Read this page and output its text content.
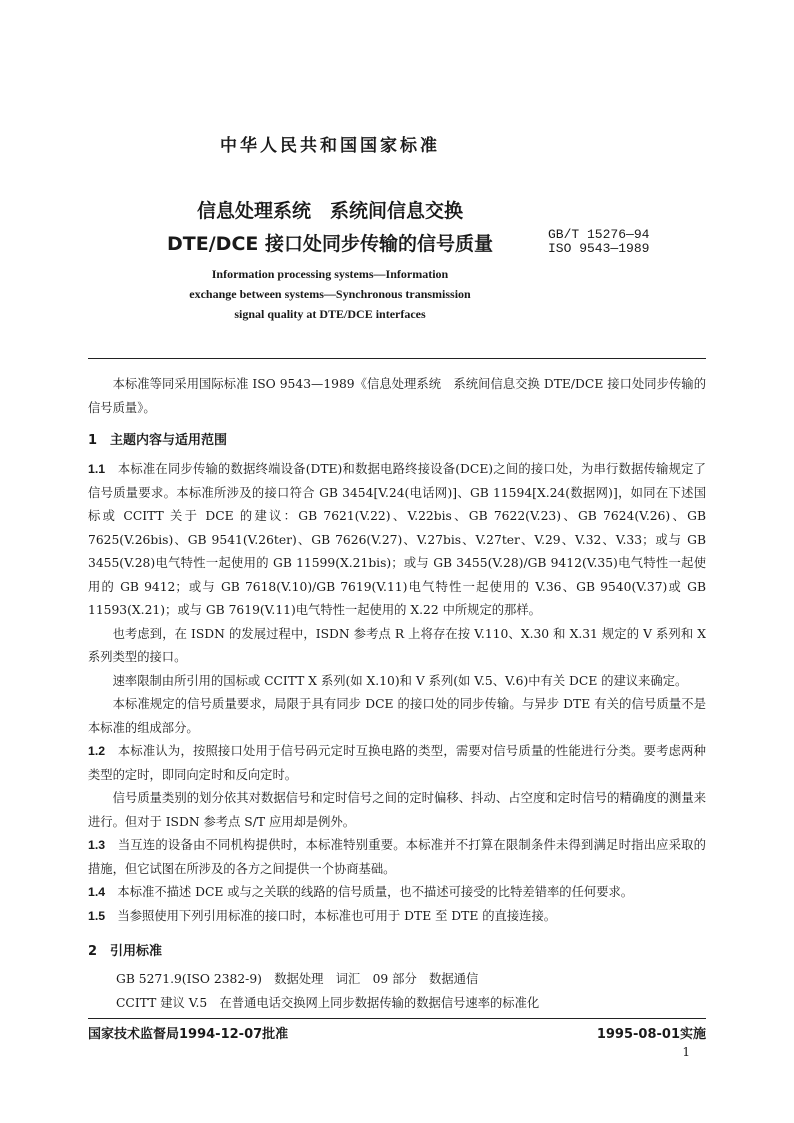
中华人民共和国国家标准
信息处理系统　系统间信息交换
DTE/DCE 接口处同步传输的信号质量	GB/T 15276—94
ISO 9543—1989
Information processing systems—Information
exchange between systems—Synchronous transmission
signal quality at DTE/DCE interfaces
本标准等同采用国际标准 ISO 9543—1989《信息处理系统　系统间信息交换 DTE/DCE 接口处同步传输的信号质量》。
1　主题内容与适用范围
1.1　 本标准在同步传输的数据终端设备(DTE)和数据电路终接设备(DCE)之间的接口处，为串行数据传输规定了信号质量要求。本标准所涉及的接口符合 GB 3454[V.24(电话网)]、GB 11594[X.24(数据网)]，如同在下述国标或 CCITT 关于 DCE 的建议：GB 7621(V.22)、V.22bis、GB 7622(V.23)、GB 7624(V.26)、GB 7625(V.26bis)、GB 9541(V.26ter)、GB 7626(V.27)、V.27bis、V.27ter、V.29、V.32、V.33；或与 GB 3455(V.28)电气特性一起使用的 GB 11599(X.21bis)；或与 GB 3455(V.28)/GB 9412(V.35)电气特性一起使用的 GB 9412；或与 GB 7618(V.10)/GB 7619(V.11)电气特性一起使用的 V.36、GB 9540(V.37)或 GB 11593(X.21)；或与 GB 7619(V.11)电气特性一起使用的 X.22 中所规定的那样。
也考虑到，在 ISDN 的发展过程中，ISDN 参考点 R 上将存在按 V.110、X.30 和 X.31 规定的 V 系列和 X 系列类型的接口。
速率限制由所引用的国标或 CCITT X 系列(如 X.10)和 V 系列(如 V.5、V.6)中有关 DCE 的建议来确定。
本标准规定的信号质量要求，局限于具有同步 DCE 的接口处的同步传输。与异步 DTE 有关的信号质量不是本标准的组成部分。
1.2　 本标准认为，按照接口处用于信号码元定时互换电路的类型，需要对信号质量的性能进行分类。要考虑两种类型的定时，即同向定时和反向定时。
信号质量类别的划分依其对数据信号和定时信号之间的定时偏移、抖动、占空度和定时信号的精确度的测量来进行。但对于 ISDN 参考点 S/T 应用却是例外。
1.3　 当互连的设备由不同机构提供时，本标准特别重要。本标准并不打算在限制条件未得到满足时指出应采取的措施，但它试图在所涉及的各方之间提供一个协商基础。
1.4　 本标准不描述 DCE 或与之关联的线路的信号质量，也不描述可接受的比特差错率的任何要求。
1.5　 当参照使用下列引用标准的接口时，本标准也可用于 DTE 至 DTE 的直接连接。
2　引用标准
GB 5271.9(ISO 2382-9)　数据处理　词汇　09 部分　数据通信
CCITT 建议 V.5　在普通电话交换网上同步数据传输的数据信号速率的标准化
国家技术监督局1994-12-07批准	1995-08-01实施
1
